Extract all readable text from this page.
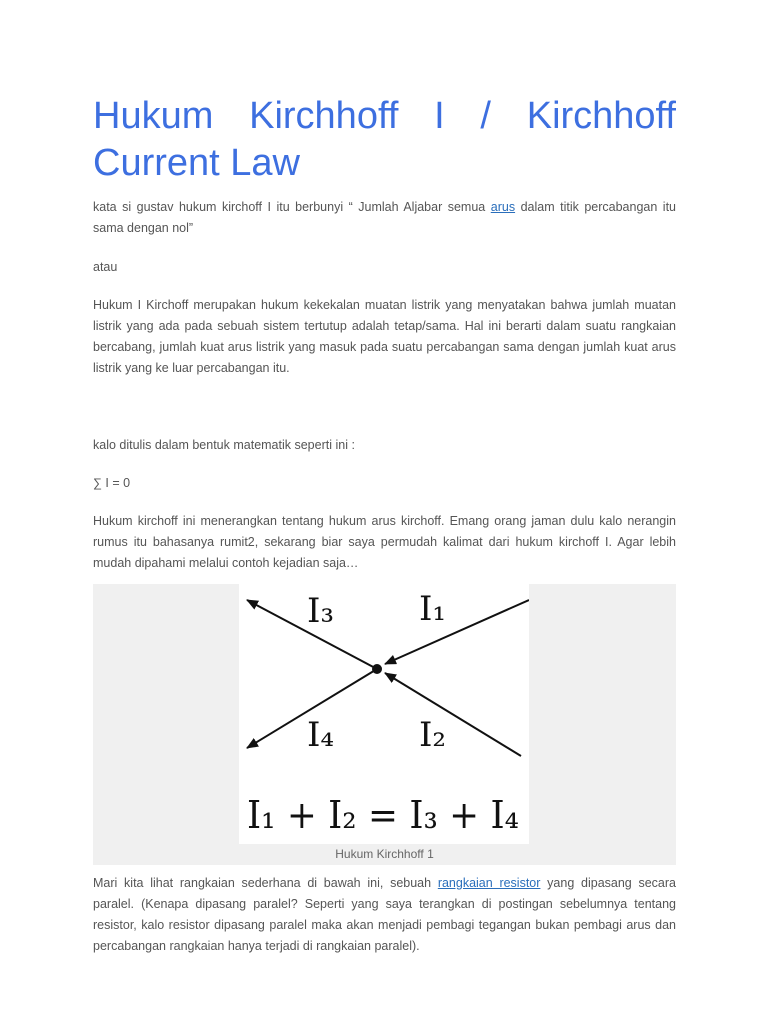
Hukum Kirchhoff I / Kirchhoff
Current Law

kata si gustav hukum kirchoff I itu berbunyi “ Jumlah Aljabar semua arus dalam titik percabangan itu sama dengan nol”

atau

Hukum I Kirchoff merupakan hukum kekekalan muatan listrik yang menyatakan bahwa jumlah muatan listrik yang ada pada sebuah sistem tertutup adalah tetap/sama. Hal ini berarti dalam suatu rangkaian bercabang, jumlah kuat arus listrik yang masuk pada suatu percabangan sama dengan jumlah kuat arus listrik yang ke luar percabangan itu.

kalo ditulis dalam bentuk matematik seperti ini :

∑ I = 0

Hukum kirchoff ini menerangkan tentang hukum arus kirchoff. Emang orang jaman dulu kalo nerangin rumus itu bahasanya rumit2, sekarang biar saya permudah kalimat dari hukum kirchoff I. Agar lebih mudah dipahami melalui contoh kejadian saja…

I₃ I₁
I₄ I₂
I₁ + I₂ = I₃ + I₄
Hukum Kirchhoff 1

Mari kita lihat rangkaian sederhana di bawah ini, sebuah rangkaian resistor yang dipasang secara paralel. (Kenapa dipasang paralel? Seperti yang saya terangkan di postingan sebelumnya tentang resistor, kalo resistor dipasang paralel maka akan menjadi pembagi tegangan bukan pembagi arus dan percabangan rangkaian hanya terjadi di rangkaian paralel).
